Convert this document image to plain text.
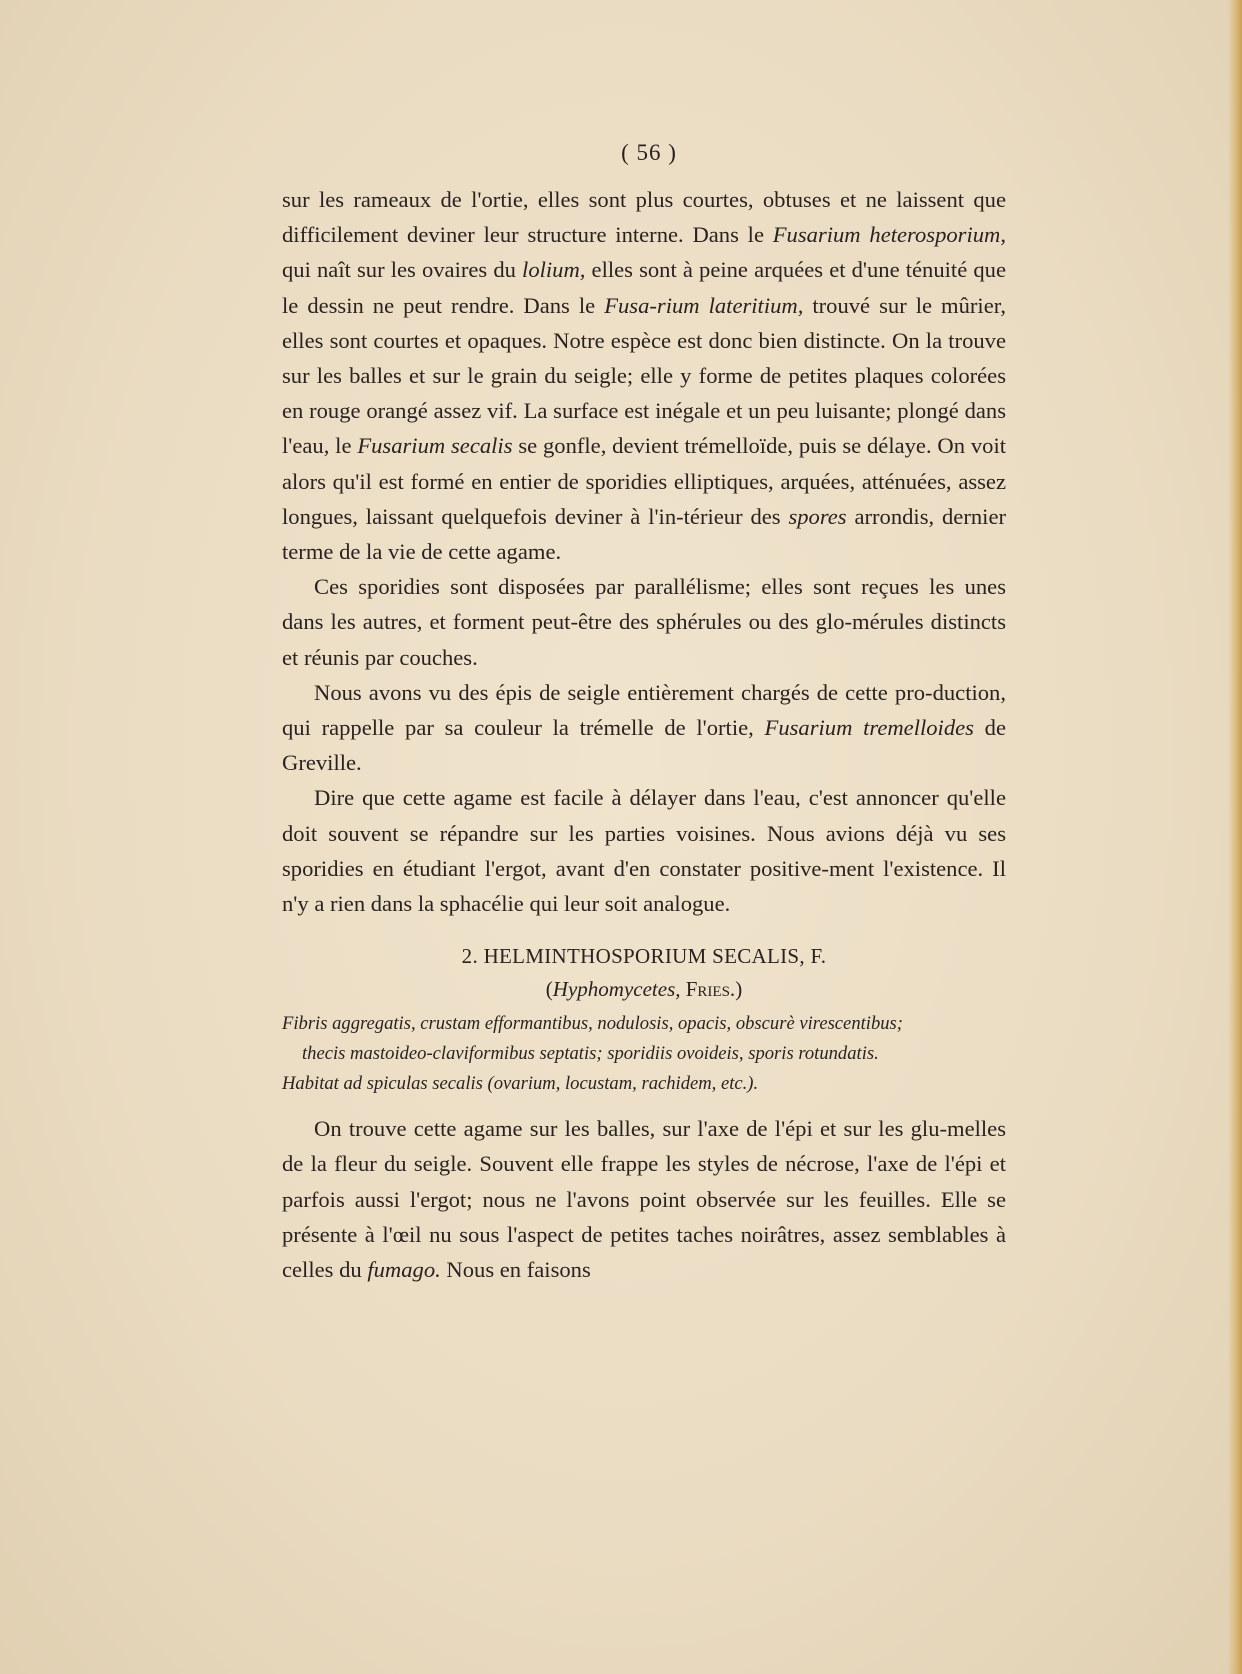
( 56 )

sur les rameaux de l'ortie, elles sont plus courtes, obtuses et ne laissent que difficilement deviner leur structure interne. Dans le Fusarium heterosporium, qui naît sur les ovaires du lolium, elles sont à peine arquées et d'une ténuité que le dessin ne peut rendre. Dans le Fusa-rium lateritium, trouvé sur le mûrier, elles sont courtes et opaques. Notre espèce est donc bien distincte. On la trouve sur les balles et sur le grain du seigle; elle y forme de petites plaques colorées en rouge orangé assez vif. La surface est inégale et un peu luisante; plongé dans l'eau, le Fusarium secalis se gonfle, devient trémelloïde, puis se délaye. On voit alors qu'il est formé en entier de sporidies elliptiques, arquées, atténuées, assez longues, laissant quelquefois deviner à l'in-térieur des spores arrondis, dernier terme de la vie de cette agame.

Ces sporidies sont disposées par parallélisme; elles sont reçues les unes dans les autres, et forment peut-être des sphérules ou des glo-mérules distincts et réunis par couches.

Nous avons vu des épis de seigle entièrement chargés de cette pro-duction, qui rappelle par sa couleur la trémelle de l'ortie, Fusarium tremelloides de Greville.

Dire que cette agame est facile à délayer dans l'eau, c'est annoncer qu'elle doit souvent se répandre sur les parties voisines. Nous avions déjà vu ses sporidies en étudiant l'ergot, avant d'en constater positive-ment l'existence. Il n'y a rien dans la sphacélie qui leur soit analogue.

2. HELMINTHOSPORIUM SECALIS, F.
(Hyphomycetes, Fries.)

Fibris aggregatis, crustam efformantibus, nodulosis, opacis, obscurè virescentibus;

thecis mastoideo-claviformibus septatis; sporidiis ovoideis, sporis rotundatis.

Habitat ad spiculas secalis (ovarium, locustam, rachidem, etc.).

On trouve cette agame sur les balles, sur l'axe de l'épi et sur les glu-melles de la fleur du seigle. Souvent elle frappe les styles de nécrose, l'axe de l'épi et parfois aussi l'ergot; nous ne l'avons point observée sur les feuilles. Elle se présente à l'œil nu sous l'aspect de petites taches noirâtres, assez semblables à celles du fumago. Nous en faisons
